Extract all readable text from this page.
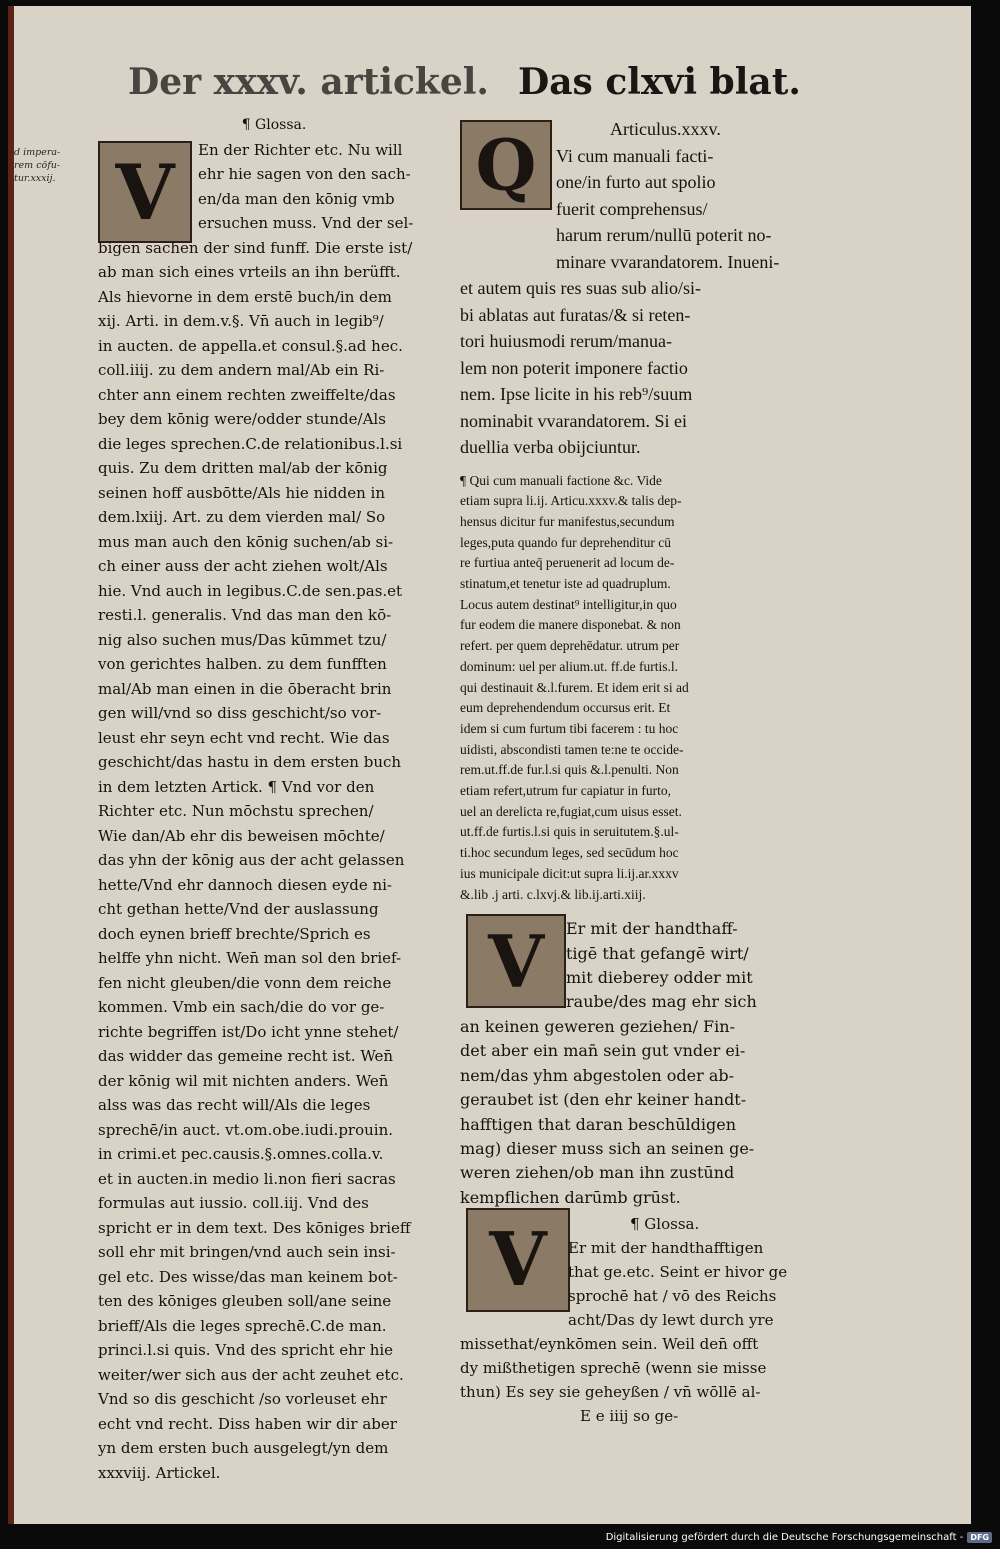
d impera-
rem cōfu-
tur.xxxij.
Der xxxv. artickel. Das clxvi blat.
V	Q
V
V
¶ Glossa.
En der Richter etc. Nu will
ehr hie sagen von den sach-
en/da man den kōnig vmb
ersuchen muss. Vnd der sel-
bigen sachen der sind funff. Die erste ist/
ab man sich eines vrteils an ihn berüfft.
Als hievorne in dem erstē buch/in dem
xij. Arti. in dem.v.§. Vn̄ auch in legib⁹/
in aucten. de appella.et consul.§.ad hec.
coll.iiij. zu dem andern mal/Ab ein Ri-
chter ann einem rechten zweiffelte/das
bey dem kōnig were/odder stunde/Als
die leges sprechen.C.de relationibus.l.si
quis. Zu dem dritten mal/ab der kōnig
seinen hoff ausbōtte/Als hie nidden in
dem.lxiij. Art. zu dem vierden mal/ So
mus man auch den kōnig suchen/ab si-
ch einer auss der acht ziehen wolt/Als
hie. Vnd auch in legibus.C.de sen.pas.et
resti.l. generalis. Vnd das man den kō-
nig also suchen mus/Das kūmmet tzu/
von gerichtes halben. zu dem funfften
mal/Ab man einen in die ōberacht brin
gen will/vnd so diss geschicht/so vor-
leust ehr seyn echt vnd recht. Wie das
geschicht/das hastu in dem ersten buch
in dem letzten Artick. ¶ Vnd vor den
Richter etc. Nun mōchstu sprechen/
Wie dan/Ab ehr dis beweisen mōchte/
das yhn der kōnig aus der acht gelassen
hette/Vnd ehr dannoch diesen eyde ni-
cht gethan hette/Vnd der auslassung
doch eynen brieff brechte/Sprich es
helffe yhn nicht. Wen̄ man sol den brief-
fen nicht gleuben/die vonn dem reiche
kommen. Vmb ein sach/die do vor ge-
richte begriffen ist/Do icht ynne stehet/
das widder das gemeine recht ist. Wen̄
der kōnig wil mit nichten anders. Wen̄
alss was das recht will/Als die leges
sprechē/in auct. vt.om.obe.iudi.prouin.
in crimi.et pec.causis.§.omnes.colla.v.
et in aucten.in medio li.non fieri sacras
formulas aut iussio. coll.iij. Vnd des
spricht er in dem text. Des kōniges brieff
soll ehr mit bringen/vnd auch sein insi-
gel etc. Des wisse/das man keinem bot-
ten des kōniges gleuben soll/ane seine
brieff/Als die leges sprechē.C.de man.
princi.l.si quis. Vnd des spricht ehr hie
weiter/wer sich aus der acht zeuhet etc.
Vnd so dis geschicht /so vorleuset ehr
echt vnd recht. Diss haben wir dir aber
yn dem ersten buch ausgelegt/yn dem
xxxviij. Artickel.
Articulus.xxxv.
Vi cum manuali facti-
one/in furto aut spolio
fuerit comprehensus/
harum rerum/nullū poterit no-
minare vvarandatorem. Inueni-
et autem quis res suas sub alio/si-
bi ablatas aut furatas/& si reten-
tori huiusmodi rerum/manua-
lem non poterit imponere factio
nem. Ipse licite in his reb⁹/suum
nominabit vvarandatorem. Si ei
duellia verba obijciuntur.
¶ Qui cum manuali factione &c. Vide
etiam supra li.ij. Articu.xxxv.& talis dep-
hensus dicitur fur manifestus,secundum
leges,puta quando fur deprehenditur cū
re furtiua anteq̄ peruenerit ad locum de-
stinatum,et tenetur iste ad quadruplum.
Locus autem destinat⁹ intelligitur,in quo
fur eodem die manere disponebat. & non
refert. per quem deprehēdatur. utrum per
dominum: uel per alium.ut. ff.de furtis.l.
qui destinauit &.l.furem. Et idem erit si ad
eum deprehendendum occursus erit. Et
idem si cum furtum tibi facerem : tu hoc
uidisti, abscondisti tamen te:ne te occide-
rem.ut.ff.de fur.l.si quis &.l.penulti. Non
etiam refert,utrum fur capiatur in furto,
uel an derelicta re,fugiat,cum uisus esset.
ut.ff.de furtis.l.si quis in seruitutem.§.ul-
ti.hoc secundum leges, sed secūdum hoc
ius municipale dicit:ut supra li.ij.ar.xxxv
&.lib .j arti. c.lxvj.& lib.ij.arti.xiij.
Er mit der handthaff-
tigē that gefangē wirt/
mit dieberey odder mit
raube/des mag ehr sich
an keinen geweren geziehen/ Fin-
det aber ein man̄ sein gut vnder ei-
nem/das yhm abgestolen oder ab-
geraubet ist (den ehr keiner handt-
hafftigen that daran beschūldigen
mag) dieser muss sich an seinen ge-
weren ziehen/ob man ihn zustūnd
kempflichen darūmb grūst.
¶ Glossa.
Er mit der handthafftigen
that ge.etc. Seint er hivor ge
sprochē hat / vō des Reichs
acht/Das dy lewt durch yre
missethat/eynkōmen sein. Weil den̄ offt
dy mißthetigen sprechē (wenn sie misse
thun) Es sey sie geheyßen / vn̄ wōllē al-
E e iiij so ge-
Digitalisierung gefördert durch die Deutsche Forschungsgemeinschaft - DFG
